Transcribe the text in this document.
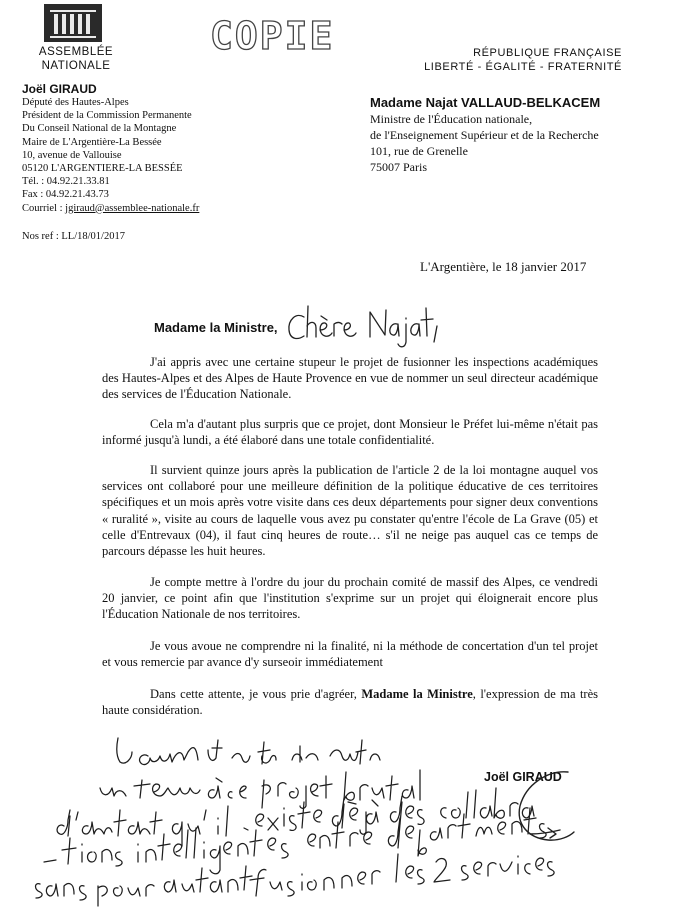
ASSEMBLÉE
NATIONALE
COPIE	RÉPUBLIQUE FRANÇAISE
LIBERTÉ - ÉGALITÉ - FRATERNITÉ
Joël GIRAUD
Député des Hautes-Alpes
Président de la Commission Permanente
Du Conseil National de la Montagne
Maire de L'Argentière-La Bessée
10, avenue de Vallouise
05120 L'ARGENTIERE-LA BESSÉE
Tél. : 04.92.21.33.81
Fax : 04.92.21.43.73
Courriel : jgiraud@assemblee-nationale.fr
Nos ref : LL/18/01/2017
Madame Najat VALLAUD-BELKACEM
Ministre de l'Éducation nationale,
de l'Enseignement Supérieur et de la Recherche
101, rue de Grenelle
75007 Paris
L'Argentière, le 18 janvier 2017
Madame la Ministre,
J'ai appris avec une certaine stupeur le projet de fusionner les inspections académiques des Hautes-Alpes et des Alpes de Haute Provence en vue de nommer un seul directeur académique des services de l'Éducation Nationale.
Cela m'a d'autant plus surpris que ce projet, dont Monsieur le Préfet lui-même n'était pas informé jusqu'à lundi, a été élaboré dans une totale confidentialité.
Il survient quinze jours après la publication de l'article 2 de la loi montagne auquel vos services ont collaboré pour une meilleure définition de la politique éducative de ces territoires spécifiques et un mois après votre visite dans ces deux départements pour signer deux conventions « ruralité », visite au cours de laquelle vous avez pu constater qu'entre l'école de La Grave (05) et celle d'Entrevaux (04), il faut cinq heures de route… s'il ne neige pas auquel cas ce temps de parcours dépasse les huit heures.
Je compte mettre à l'ordre du jour du prochain comité de massif des Alpes, ce vendredi 20 janvier, ce point afin que l'institution s'exprime sur un projet qui éloignerait encore plus l'Éducation Nationale de nos territoires.
Je vous avoue ne comprendre ni la finalité, ni la méthode de concertation d'un tel projet et vous remercie par avance d'y surseoir immédiatement
Dans cette attente, je vous prie d'agréer, Madame la Ministre, l'expression de ma très haute considération.
Joël GIRAUD
